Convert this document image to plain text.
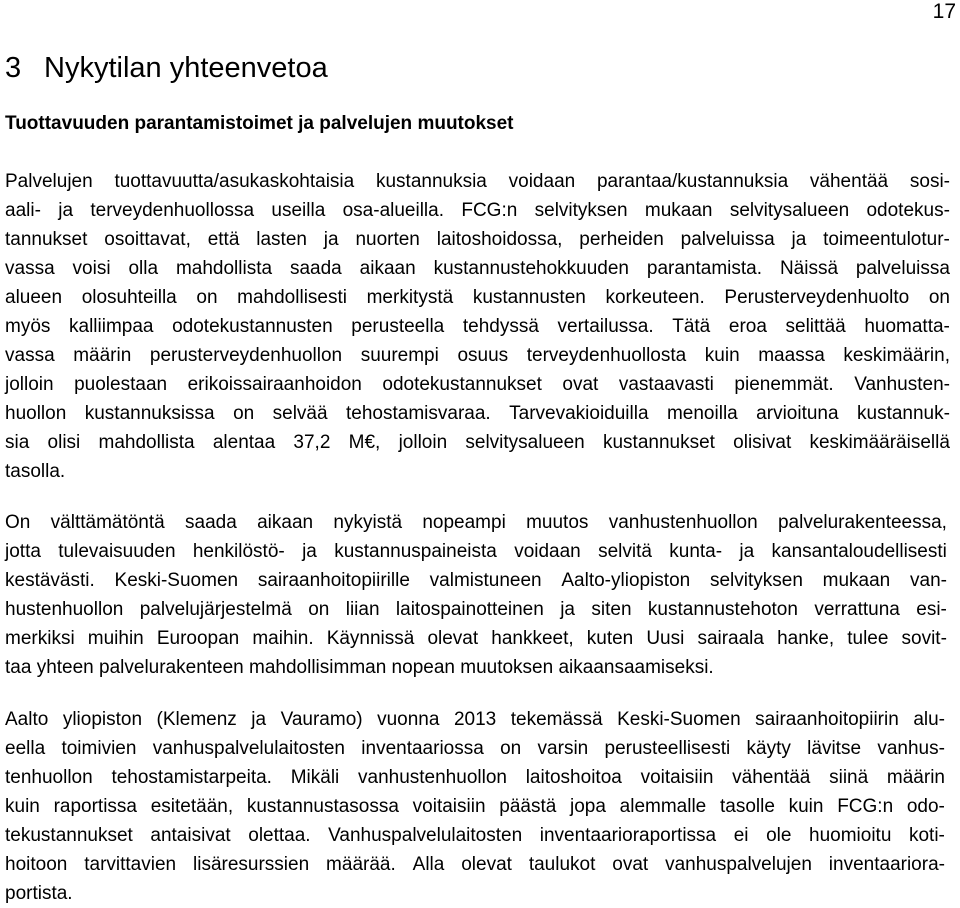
17
3 Nykytilan yhteenvetoa
Tuottavuuden parantamistoimet ja palvelujen muutokset
Palvelujen tuottavuutta/asukaskohtaisia kustannuksia voidaan parantaa/kustannuksia vähentää sosi-
aali- ja terveydenhuollossa useilla osa-alueilla. FCG:n selvityksen mukaan selvitysalueen odotekus-
tannukset osoittavat, että lasten ja nuorten laitoshoidossa, perheiden palveluissa ja toimeentulotur-
vassa voisi olla mahdollista saada aikaan kustannustehokkuuden parantamista. Näissä palveluissa
alueen olosuhteilla on mahdollisesti merkitystä kustannusten korkeuteen. Perusterveydenhuolto on
myös kalliimpaa odotekustannusten perusteella tehdyssä vertailussa. Tätä eroa selittää huomatta-
vassa määrin perusterveydenhuollon suurempi osuus terveydenhuollosta kuin maassa keskimäärin,
jolloin puolestaan erikoissairaanhoidon odotekustannukset ovat vastaavasti pienemmät. Vanhusten-
huollon kustannuksissa on selvää tehostamisvaraa. Tarvevakioiduilla menoilla arvioituna kustannuk-
sia olisi mahdollista alentaa 37,2 M€, jolloin selvitysalueen kustannukset olisivat keskimääräisellä
tasolla.
On välttämätöntä saada aikaan nykyistä nopeampi muutos vanhustenhuollon palvelurakenteessa,
jotta tulevaisuuden henkilöstö- ja kustannuspaineista voidaan selvitä kunta- ja kansantaloudellisesti
kestävästi. Keski-Suomen sairaanhoitopiirille valmistuneen Aalto-yliopiston selvityksen mukaan van-
hustenhuollon palvelujärjestelmä on liian laitospainotteinen ja siten kustannustehoton verrattuna esi-
merkiksi muihin Euroopan maihin. Käynnissä olevat hankkeet, kuten Uusi sairaala hanke, tulee sovit-
taa yhteen palvelurakenteen mahdollisimman nopean muutoksen aikaansaamiseksi.
Aalto yliopiston (Klemenz ja Vauramo) vuonna 2013 tekemässä Keski-Suomen sairaanhoitopiirin alu-
eella toimivien vanhuspalvelulaitosten inventaariossa on varsin perusteellisesti käyty lävitse vanhus-
tenhuollon tehostamistarpeita. Mikäli vanhustenhuollon laitoshoitoa voitaisiin vähentää siinä määrin
kuin raportissa esitetään, kustannustasossa voitaisiin päästä jopa alemmalle tasolle kuin FCG:n odo-
tekustannukset antaisivat olettaa. Vanhuspalvelulaitosten inventaarioraportissa ei ole huomioitu koti-
hoitoon tarvittavien lisäresurssien määrää. Alla olevat taulukot ovat vanhuspalvelujen inventaariora-
portista.
